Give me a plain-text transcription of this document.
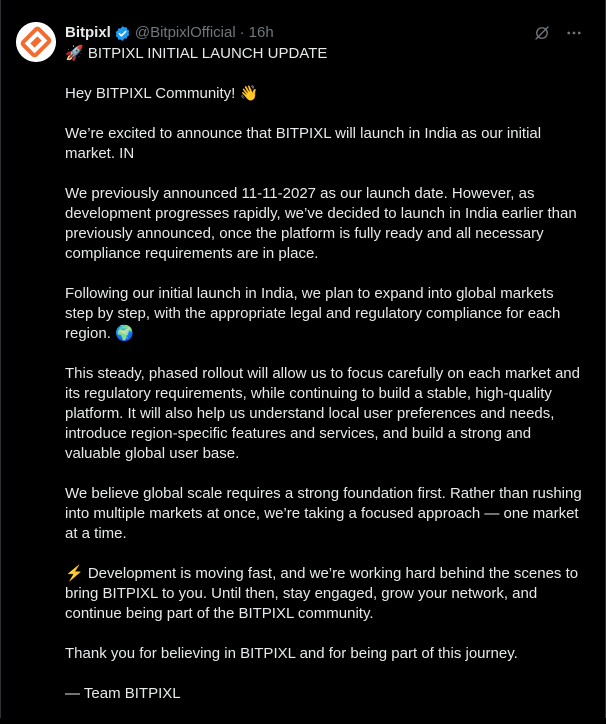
Bitpixl @BitpixlOfficial · 16h

🚀 BITPIXL INITIAL LAUNCH UPDATE

Hey BITPIXL Community! 👋

We’re excited to announce that BITPIXL will launch in India as our initial market. IN

We previously announced 11-11-2027 as our launch date. However, as development progresses rapidly, we’ve decided to launch in India earlier than previously announced, once the platform is fully ready and all necessary compliance requirements are in place.

Following our initial launch in India, we plan to expand into global markets step by step, with the appropriate legal and regulatory compliance for each region. 🌍

This steady, phased rollout will allow us to focus carefully on each market and its regulatory requirements, while continuing to build a stable, high-quality platform. It will also help us understand local user preferences and needs, introduce region-specific features and services, and build a strong and valuable global user base.

We believe global scale requires a strong foundation first. Rather than rushing into multiple markets at once, we’re taking a focused approach — one market at a time.

⚡ Development is moving fast, and we’re working hard behind the scenes to bring BITPIXL to you. Until then, stay engaged, grow your network, and continue being part of the BITPIXL community.

Thank you for believing in BITPIXL and for being part of this journey.

— Team BITPIXL
